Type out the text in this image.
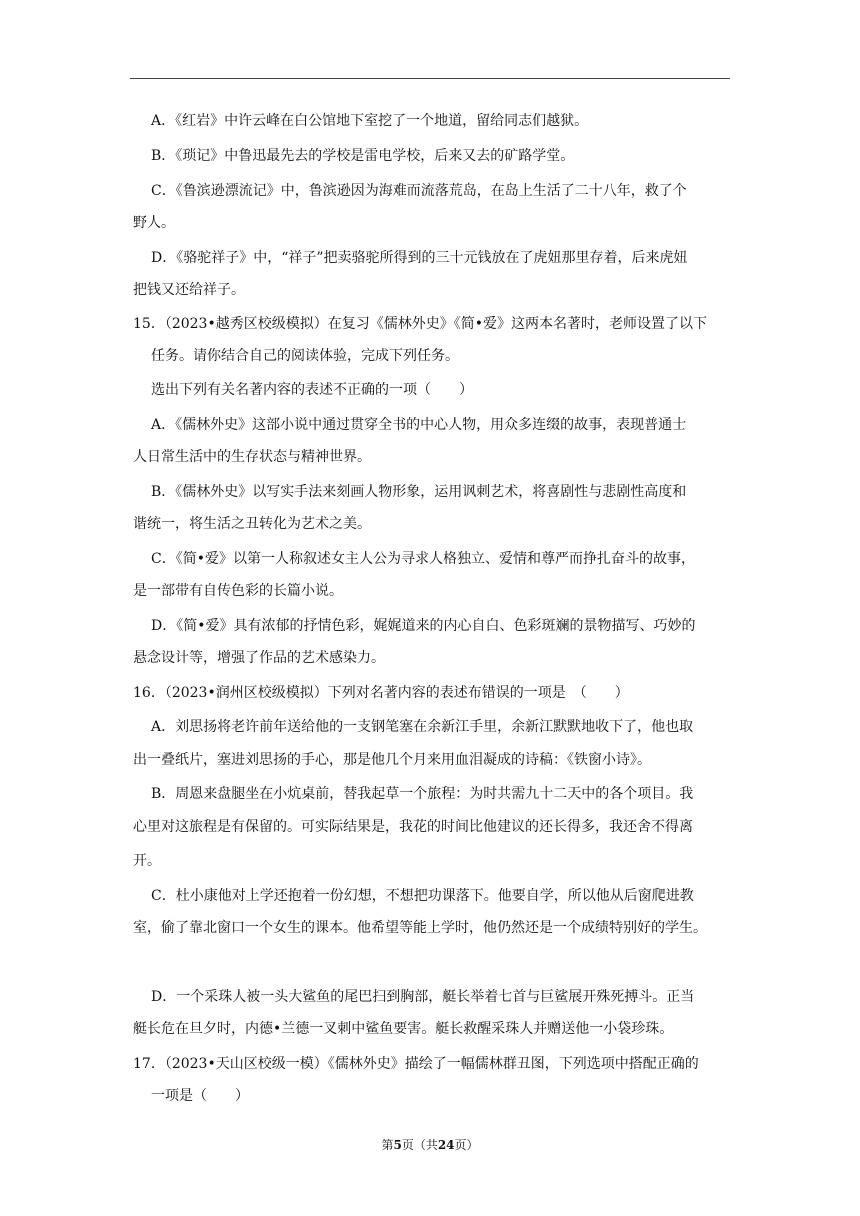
A．《红岩》中许云峰在白公馆地下室挖了一个地道，留给同志们越狱。
B．《琐记》中鲁迅最先去的学校是雷电学校，后来又去的矿路学堂。
C．《鲁滨逊漂流记》中，鲁滨逊因为海难而流落荒岛，在岛上生活了二十八年，救了个
野人。
D．《骆驼祥子》中，“祥子”把卖骆驼所得到的三十元钱放在了虎妞那里存着，后来虎妞
把钱又还给祥子。
15．（2023•越秀区校级模拟）在复习《儒林外史》《简•爱》这两本名著时，老师设置了以下
任务。请你结合自己的阅读体验，完成下列任务。
选出下列有关名著内容的表述不正确的一项（　　）
A．《儒林外史》这部小说中通过贯穿全书的中心人物，用众多连缀的故事，表现普通士
人日常生活中的生存状态与精神世界。
B．《儒林外史》以写实手法来刻画人物形象，运用讽刺艺术，将喜剧性与悲剧性高度和
谐统一，将生活之丑转化为艺术之美。
C．《简•爱》以第一人称叙述女主人公为寻求人格独立、爱情和尊严而挣扎奋斗的故事，
是一部带有自传色彩的长篇小说。
D．《简•爱》具有浓郁的抒情色彩，娓娓道来的内心自白、色彩斑斓的景物描写、巧妙的
悬念设计等，增强了作品的艺术感染力。
16．（2023•润州区校级模拟）下列对名著内容的表述布错误的一项是　（　　）
A．刘思扬将老许前年送给他的一支钢笔塞在余新江手里，余新江默默地收下了，他也取
出一叠纸片，塞进刘思扬的手心，那是他几个月来用血泪凝成的诗稿：《铁窗小诗》。
B．周恩来盘腿坐在小炕桌前，替我起草一个旅程：为时共需九十二天中的各个项目。我
心里对这旅程是有保留的。可实际结果是，我花的时间比他建议的还长得多，我还舍不得离
开。
C．杜小康他对上学还抱着一份幻想，不想把功课落下。他要自学，所以他从后窗爬进教
室，偷了靠北窗口一个女生的课本。他希望等能上学时，他仍然还是一个成绩特别好的学生。
D．一个采珠人被一头大鲨鱼的尾巴扫到胸部，艇长举着七首与巨鲨展开殊死搏斗。正当
艇长危在旦夕时，内德•兰德一叉刺中鲨鱼要害。艇长救醒采珠人并赠送他一小袋珍珠。
17．（2023•天山区校级一模）《儒林外史》描绘了一幅儒林群丑图，下列选项中搭配正确的
一项是（　　）
第5页（共24页）
